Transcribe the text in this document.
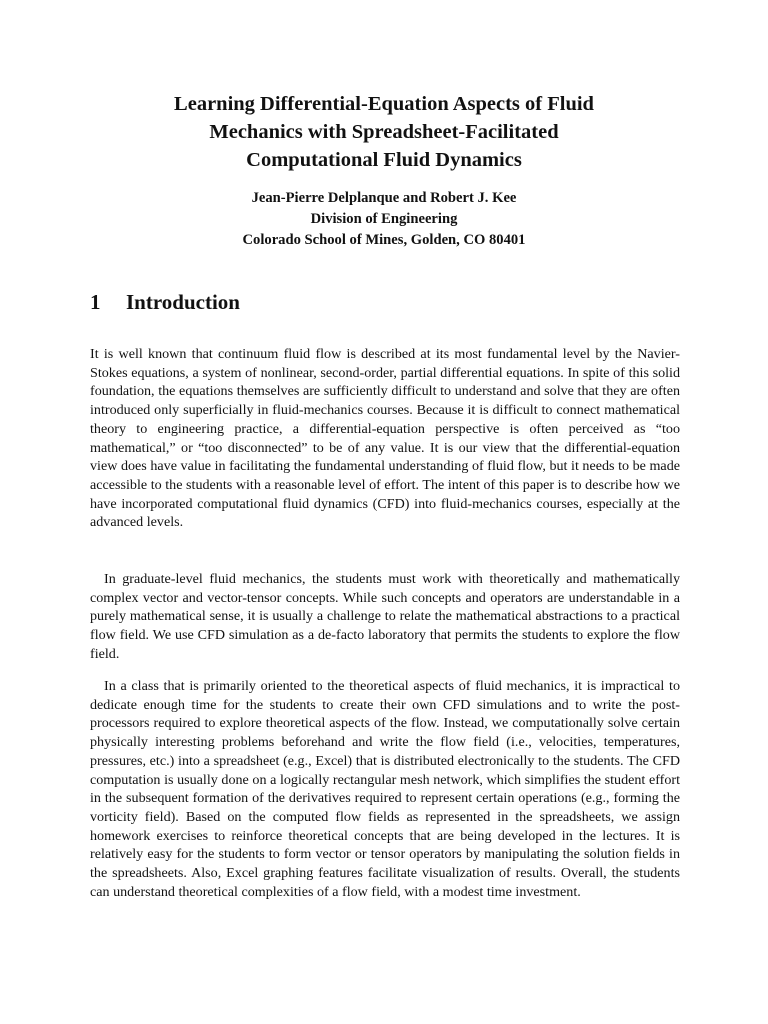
Learning Differential-Equation Aspects of Fluid
Mechanics with Spreadsheet-Facilitated
Computational Fluid Dynamics
Jean-Pierre Delplanque and Robert J. Kee
Division of Engineering
Colorado School of Mines, Golden, CO 80401
1 Introduction

It is well known that continuum fluid flow is described at its most fundamental level by the Navier-Stokes equations, a system of nonlinear, second-order, partial differential equations. In spite of this solid foundation, the equations themselves are sufficiently difficult to understand and solve that they are often introduced only superficially in fluid-mechanics courses. Because it is difficult to connect mathematical theory to engineering practice, a differential-equation perspective is often perceived as “too mathematical,” or “too disconnected” to be of any value. It is our view that the differential-equation view does have value in facilitating the fundamental understanding of fluid flow, but it needs to be made accessible to the students with a reasonable level of effort. The intent of this paper is to describe how we have incorporated computational fluid dynamics (CFD) into fluid-mechanics courses, especially at the advanced levels.

In graduate-level fluid mechanics, the students must work with theoretically and mathematically complex vector and vector-tensor concepts. While such concepts and operators are understandable in a purely mathematical sense, it is usually a challenge to relate the mathematical abstractions to a practical flow field. We use CFD simulation as a de-facto laboratory that permits the students to explore the flow field.

In a class that is primarily oriented to the theoretical aspects of fluid mechanics, it is impractical to dedicate enough time for the students to create their own CFD simulations and to write the post-processors required to explore theoretical aspects of the flow. Instead, we computationally solve certain physically interesting problems beforehand and write the flow field (i.e., velocities, temperatures, pressures, etc.) into a spreadsheet (e.g., Excel) that is distributed electronically to the students. The CFD computation is usually done on a logically rectangular mesh network, which simplifies the student effort in the subsequent formation of the derivatives required to represent certain operations (e.g., forming the vorticity field). Based on the computed flow fields as represented in the spreadsheets, we assign homework exercises to reinforce theoretical concepts that are being developed in the lectures. It is relatively easy for the students to form vector or tensor operators by manipulating the solution fields in the spreadsheets. Also, Excel graphing features facilitate visualization of results. Overall, the students can understand theoretical complexities of a flow field, with a modest time investment.
